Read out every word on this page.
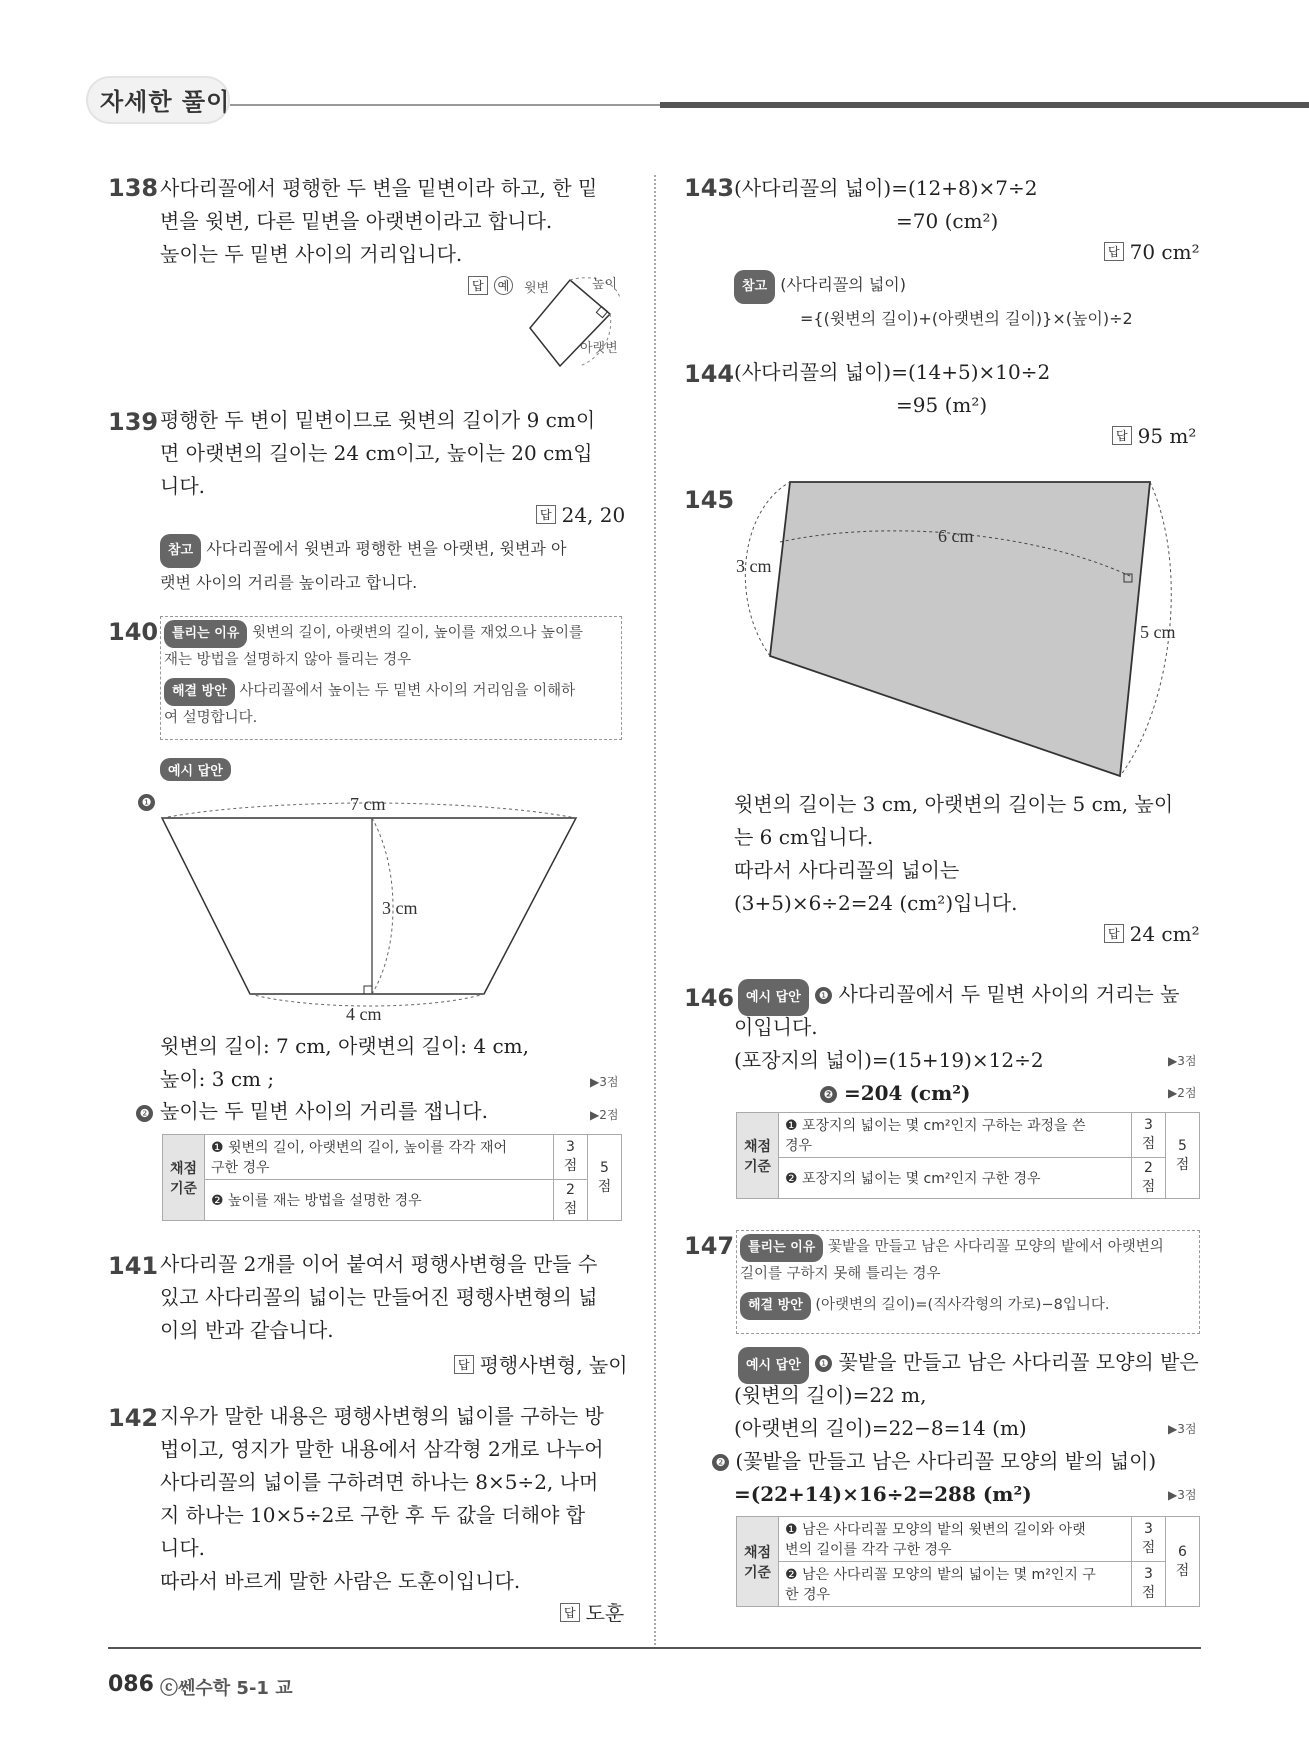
자세한 풀이
138 사다리꼴에서 평행한 두 변을 밑변이라 하고, 한 밑
변을 윗변, 다른 밑변을 아랫변이라고 합니다.
높이는 두 밑변 사이의 거리입니다.
답 예	윗변	높이
아랫변
139 평행한 두 변이 밑변이므로 윗변의 길이가 9 cm이
면 아랫변의 길이는 24 cm이고, 높이는 20 cm입
니다.
답 24, 20
참고 사다리꼴에서 윗변과 평행한 변을 아랫변, 윗변과 아
랫변 사이의 거리를 높이라고 합니다.
140	틀리는 이유 윗변의 길이, 아랫변의 길이, 높이를 재었으나 높이를
재는 방법을 설명하지 않아 틀리는 경우
해결 방안 사다리꼴에서 높이는 두 밑변 사이의 거리임을 이해하
여 설명합니다.
예시 답안
❶	7 cm
3 cm
4 cm
윗변의 길이: 7 cm, 아랫변의 길이: 4 cm,
높이: 3 cm ;	▶3점
❷ 높이는 두 밑변 사이의 거리를 잽니다.	▶2점
채점
기준	❶ 윗변의 길이, 아랫변의 길이, 높이를 각각 재어
구한 경우	3점	5점
	❷ 높이를 재는 방법을 설명한 경우	2점	
141 사다리꼴 2개를 이어 붙여서 평행사변형을 만들 수
있고 사다리꼴의 넓이는 만들어진 평행사변형의 넓
이의 반과 같습니다.
답 평행사변형, 높이
142 지우가 말한 내용은 평행사변형의 넓이를 구하는 방
법이고, 영지가 말한 내용에서 삼각형 2개로 나누어
사다리꼴의 넓이를 구하려면 하나는 8×5÷2, 나머
지 하나는 10×5÷2로 구한 후 두 값을 더해야 합
니다.
따라서 바르게 말한 사람은 도훈이입니다.
답 도훈
143 (사다리꼴의 넓이)=(12+8)×7÷2
=70 (cm²)
답 70 cm²
참고 (사다리꼴의 넓이)
={(윗변의 길이)+(아랫변의 길이)}×(높이)÷2
144 (사다리꼴의 넓이)=(14+5)×10÷2
=95 (m²)
답 95 m²
145
3 cm
6 cm
5 cm
윗변의 길이는 3 cm, 아랫변의 길이는 5 cm, 높이
는 6 cm입니다.
따라서 사다리꼴의 넓이는
(3+5)×6÷2=24 (cm²)입니다.
답 24 cm²
146 예시 답안 ❶ 사다리꼴에서 두 밑변 사이의 거리는 높
이입니다.
(포장지의 넓이)=(15+19)×12÷2	▶3점
❷ =204 (cm²)	▶2점
채점
기준	❶ 포장지의 넓이는 몇 cm²인지 구하는 과정을 쓴
경우	3점	5점
	❷ 포장지의 넓이는 몇 cm²인지 구한 경우	2점	
147	틀리는 이유 꽃밭을 만들고 남은 사다리꼴 모양의 밭에서 아랫변의
길이를 구하지 못해 틀리는 경우
해결 방안 (아랫변의 길이)=(직사각형의 가로)−8입니다.
예시 답안 ❶ 꽃밭을 만들고 남은 사다리꼴 모양의 밭은
(윗변의 길이)=22 m,
(아랫변의 길이)=22−8=14 (m)	▶3점
❷ (꽃밭을 만들고 남은 사다리꼴 모양의 밭의 넓이)
=(22+14)×16÷2=288 (m²)	▶3점
채점
기준	❶ 남은 사다리꼴 모양의 밭의 윗변의 길이와 아랫
변의 길이를 각각 구한 경우	3점	6점
	❷ 남은 사다리꼴 모양의 밭의 넓이는 몇 m²인지 구
한 경우	3점	
086 ⓒ쎈수학 5-1 교
